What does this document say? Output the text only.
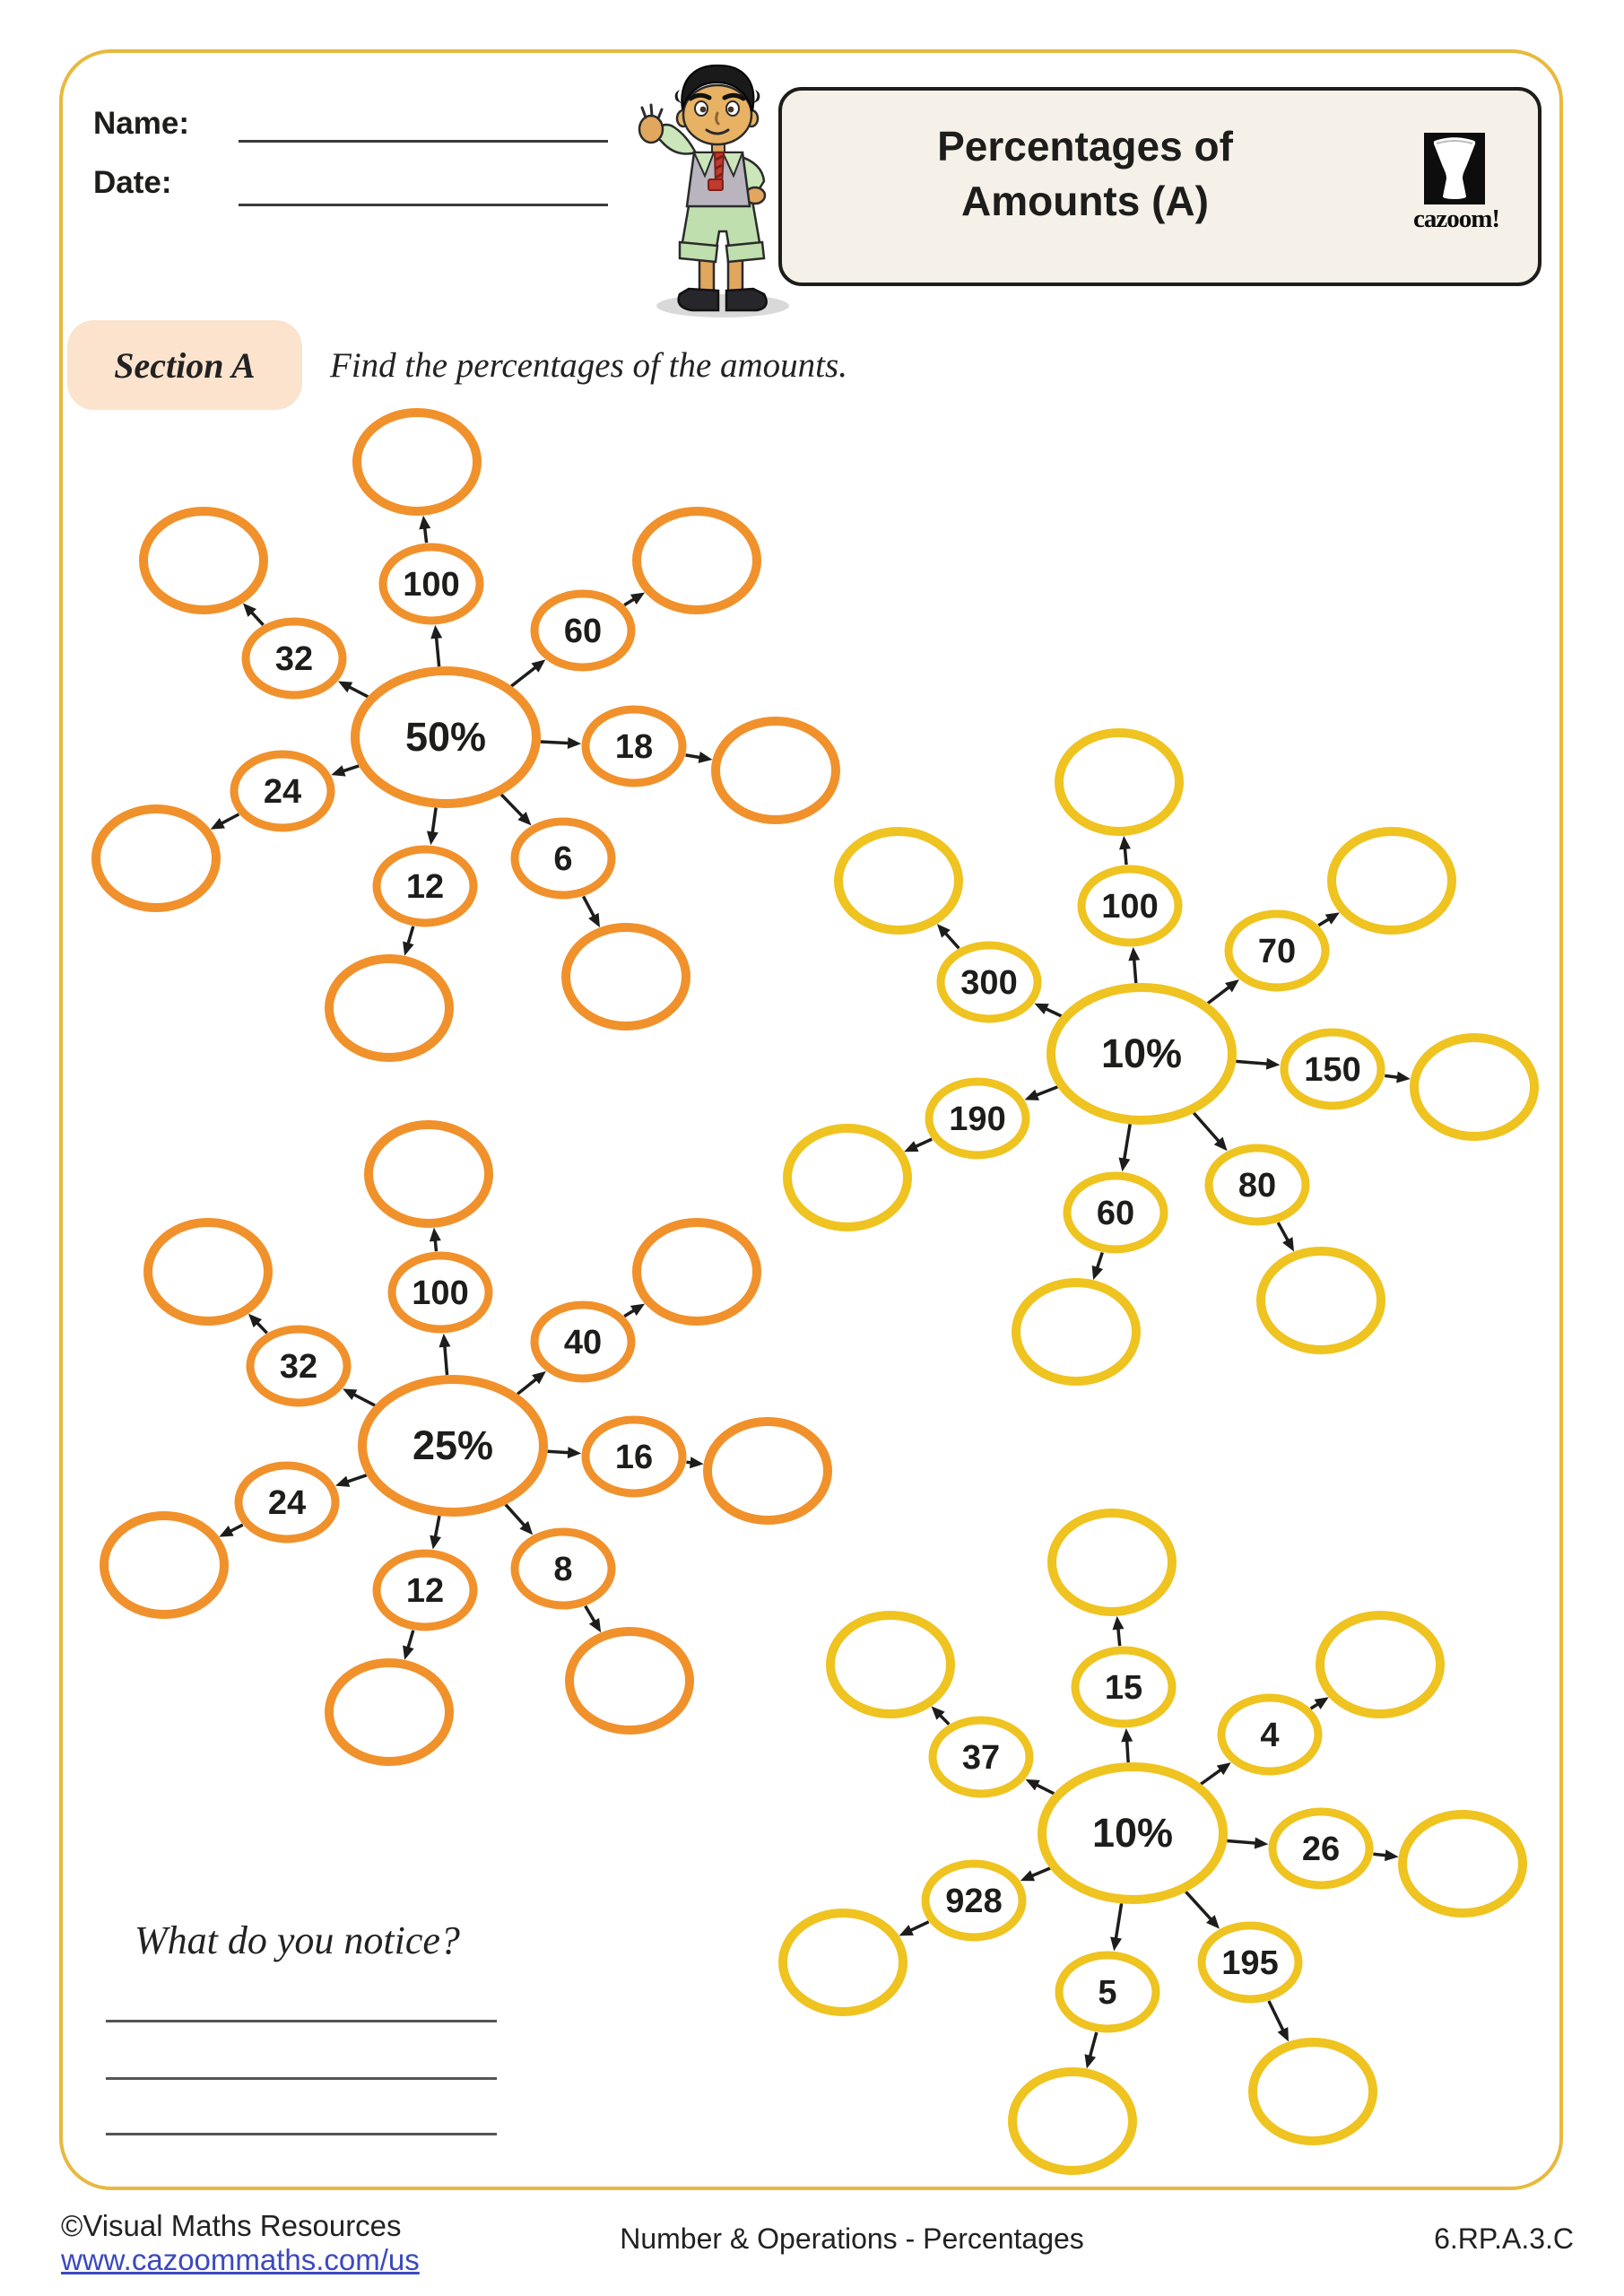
Name:
Date:
Percentages of
Amounts (A)	cazoom!
Section A Find the percentages of the amounts.
100
60
18
6
12
24
32
50%
100
70
150
80
60
190
300
10%
100
40
16
8
12
24
32
25%
15
4
26
195
5
928
37
10%
What do you notice?
©Visual Maths Resources
www.cazoommaths.com/us
Number & Operations - Percentages	6.RP.A.3.C
